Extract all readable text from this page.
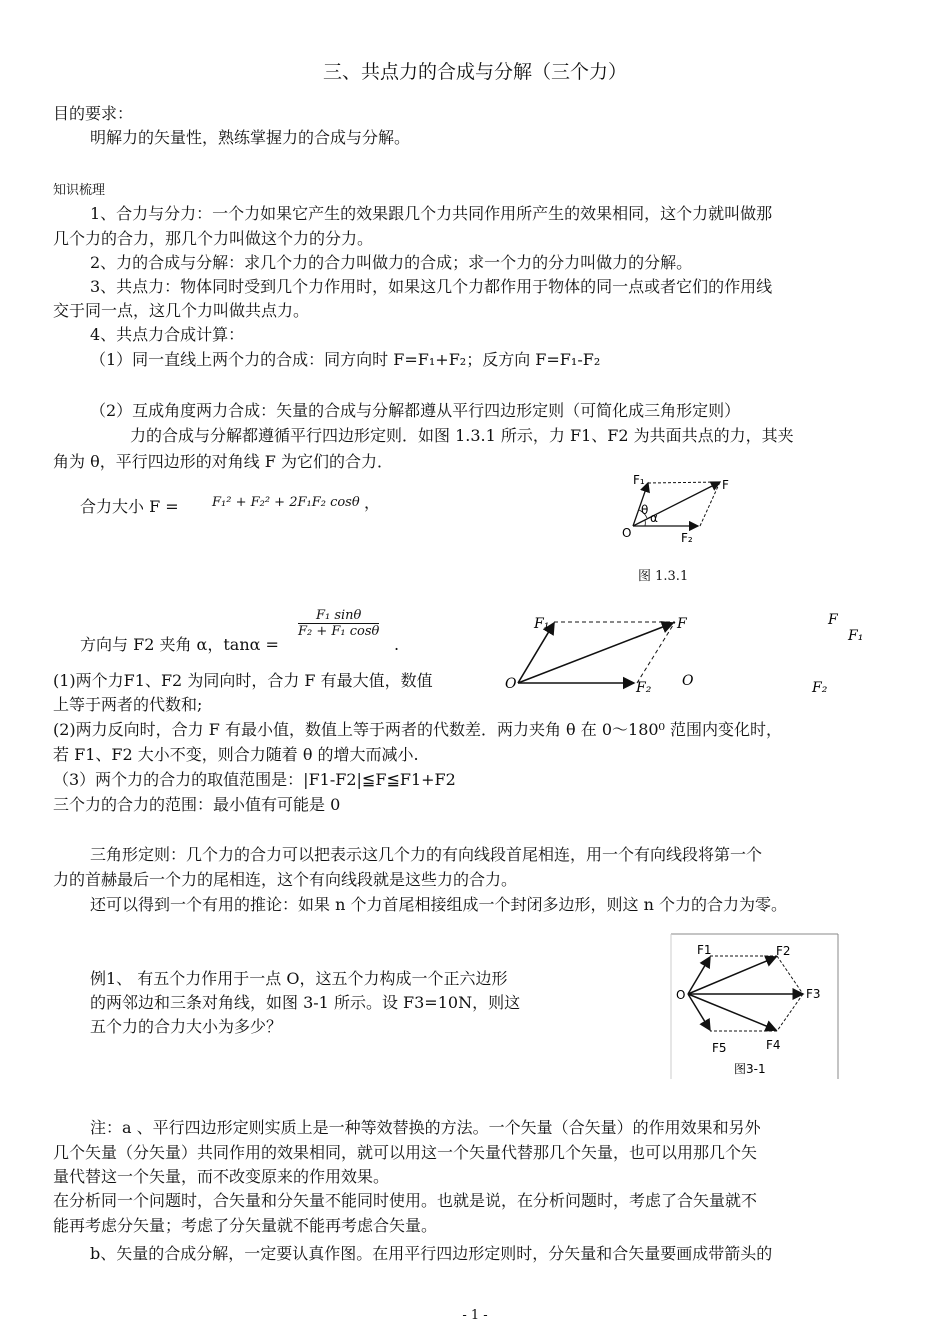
三、共点力的合成与分解（三个力）
目的要求：
明解力的矢量性，熟练掌握力的合成与分解。
知识梳理
1、合力与分力：一个力如果它产生的效果跟几个力共同作用所产生的效果相同，这个力就叫做那
几个力的合力，那几个力叫做这个力的分力。
2、力的合成与分解：求几个力的合力叫做力的合成；求一个力的分力叫做力的分解。
3、共点力：物体同时受到几个力作用时，如果这几个力都作用于物体的同一点或者它们的作用线
交于同一点，这几个力叫做共点力。
4、共点力合成计算：
（1）同一直线上两个力的合成：同方向时 F=F₁+F₂；反方向 F=F₁-F₂
（2）互成角度两力合成：矢量的合成与分解都遵从平行四边形定则（可简化成三角形定则）
力的合成与分解都遵循平行四边形定则．如图 1.3.1 所示，力 F1、F2 为共面共点的力，其夹
角为 θ，平行四边形的对角线 F 为它们的合力．
合力大小 F =	F₁² + F₂² + 2F₁F₂ cosθ ，
F₁	F
θ
α
O	F₂
图 1.3.1
方向与 F2 夹角 α，tanα =
$\frac{\text{F₁ sinθ}}{\text{F₂ + F₁ cosθ}}$
.
F₁	F
O	F₂
F
F₁
O	F₂
(1)两个力F1、F2 为同向时，合力 F 有最大值，数值
上等于两者的代数和;
(2)两力反向时，合力 F 有最小值，数值上等于两者的代数差．两力夹角 θ 在 0～180⁰ 范围内变化时，
若 F1、F2 大小不变，则合力随着 θ 的增大而减小.
（3）两个力的合力的取值范围是：|F1-F2|≦F≦F1+F2
三个力的合力的范围：最小值有可能是 0
三角形定则：几个力的合力可以把表示这几个力的有向线段首尾相连，用一个有向线段将第一个
力的首赫最后一个力的尾相连，这个有向线段就是这些力的合力。
还可以得到一个有用的推论：如果 n 个力首尾相接组成一个封闭多边形，则这 n 个力的合力为零。
例1、 有五个力作用于一点 O，这五个力构成一个正六边形
的两邻边和三条对角线，如图 3-1 所示。设 F3=10N，则这
五个力的合力大小为多少？
F1	F2
F3
F4
F5
O
图3-1
注：a 、平行四边形定则实质上是一种等效替换的方法。一个矢量（合矢量）的作用效果和另外
几个矢量（分矢量）共同作用的效果相同，就可以用这一个矢量代替那几个矢量，也可以用那几个矢
量代替这一个矢量，而不改变原来的作用效果。
在分析同一个问题时，合矢量和分矢量不能同时使用。也就是说，在分析问题时，考虑了合矢量就不
能再考虑分矢量；考虑了分矢量就不能再考虑合矢量。
b、矢量的合成分解，一定要认真作图。在用平行四边形定则时，分矢量和合矢量要画成带箭头的
- 1 -
